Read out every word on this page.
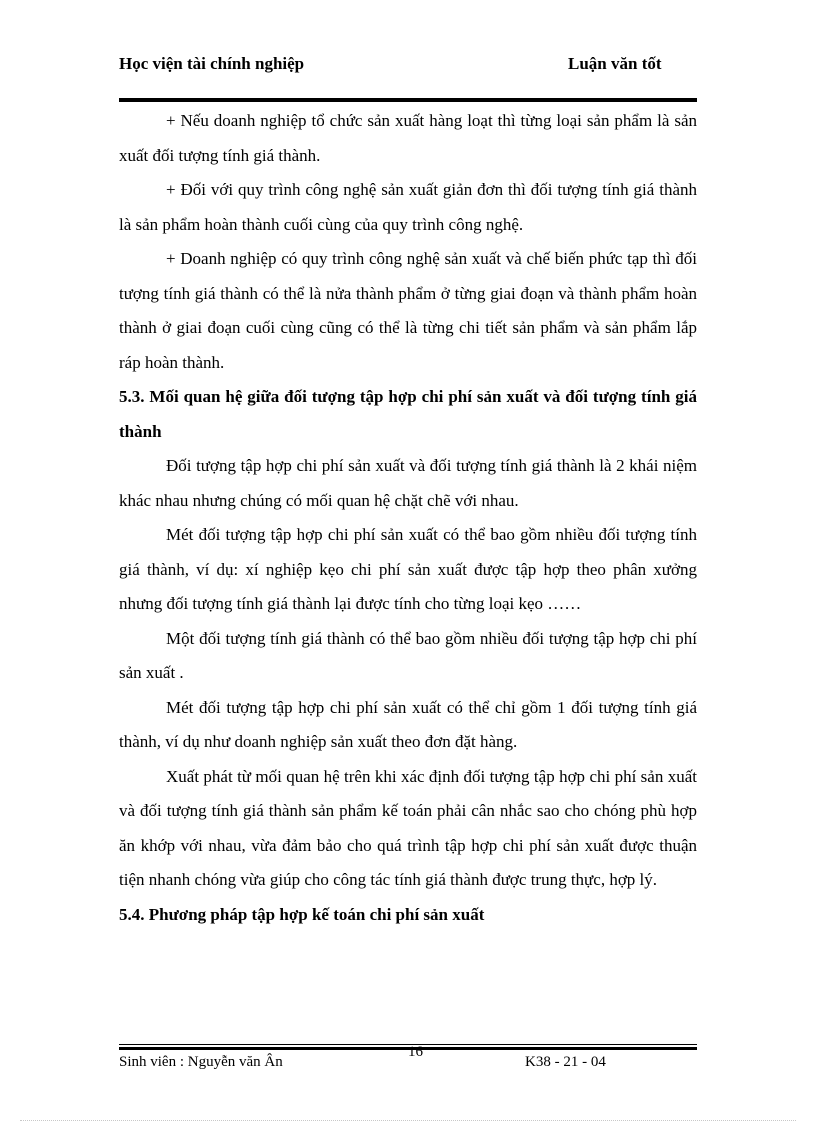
Học viện tài chính nghiệp	Luận văn tốt

+ Nếu doanh nghiệp tổ chức sản xuất hàng loạt thì từng loại sản phẩm là sản xuất đối tượng tính giá thành.

+ Đối với quy trình công nghệ sản xuất giản đơn thì đối tượng tính giá thành là sản phẩm hoàn thành cuối cùng của quy trình công nghệ.

+ Doanh nghiệp có quy trình công nghệ sản xuất và chế biến phức tạp thì đối tượng tính giá thành có thể là nửa thành phẩm ở từng giai đoạn và thành phẩm hoàn thành ở giai đoạn cuối cùng cũng có thể là từng chi tiết sản phẩm và sản phẩm lắp ráp hoàn thành.

5.3. Mối quan hệ giữa đối tượng tập hợp chi phí sản xuất và đối tượng tính giá thành

Đối tượng tập hợp chi phí sản xuất và đối tượng tính giá thành là 2 khái niệm khác nhau nhưng chúng có mối quan hệ chặt chẽ với nhau.

Mét đối tượng tập hợp chi phí sản xuất có thể bao gồm nhiều đối tượng tính giá thành, ví dụ: xí nghiệp kẹo chi phí sản xuất được tập hợp theo phân xưởng nhưng đối tượng tính giá thành lại được tính cho từng loại kẹo ……

Một đối tượng tính giá thành có thể bao gồm nhiều đối tượng tập hợp chi phí sản xuất .

Mét đối tượng tập hợp chi phí sản xuất có thể chỉ gồm 1 đối tượng tính giá thành, ví dụ như doanh nghiệp sản xuất theo đơn đặt hàng.

Xuất phát từ mối quan hệ trên khi xác định đối tượng tập hợp chi phí sản xuất và đối tượng tính giá thành sản phẩm kế toán phải cân nhắc sao cho chóng phù hợp ăn khớp với nhau, vừa đảm bảo cho quá trình tập hợp chi phí sản xuất được thuận tiện nhanh chóng vừa giúp cho công tác tính giá thành được trung thực, hợp lý.

5.4. Phương pháp tập hợp kế toán chi phí sản xuất

Sinh viên : Nguyễn văn Ân
16
K38 - 21 - 04
